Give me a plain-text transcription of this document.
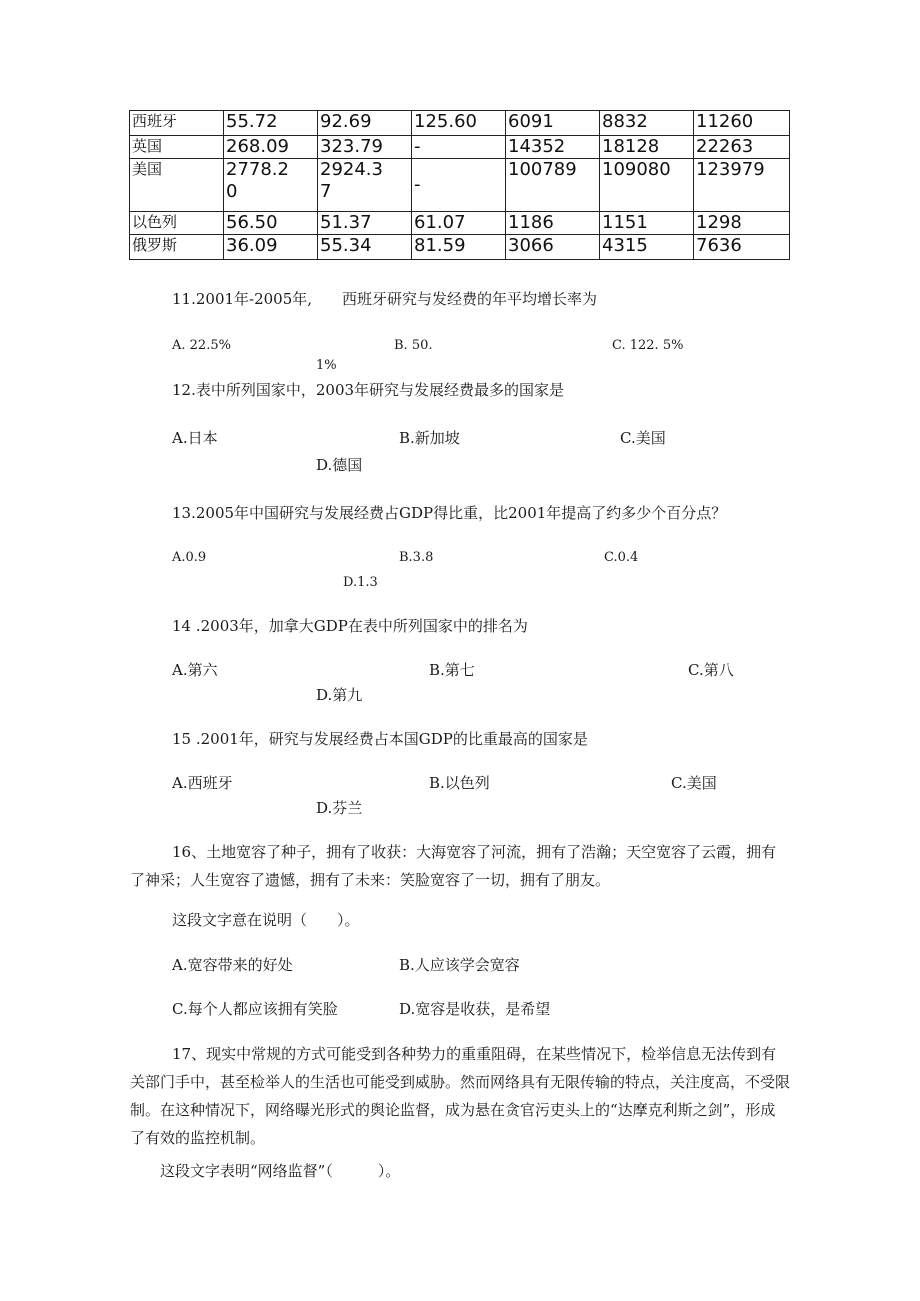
西班牙	55.72	92.69	125.60	6091	8832	11260
英国	268.09	323.79	-	14352	18128	22263
美国	2778.20	2924.37	-	100789	109080	123979
以色列	56.50	51.37	61.07	1186	1151	1298
俄罗斯	36.09	55.34	81.59	3066	4315	7636
11.2001年-2005年,　　西班牙研究与发经费的年平均增长率为
A. 22.5%	B. 50.
1%
C. 122. 5%
12.表中所列国家中，2003年研究与发展经费最多的国家是
A.日本	B.新加坡	C.美国
D.德国
13.2005年中国研究与发展经费占GDP得比重，比2001年提高了约多少个百分点？
A.0.9	B.3.8	C.0.4
D.1.3
14 .2003年，加拿大GDP在表中所列国家中的排名为
A.第六	B.第七	C.第八
D.第九
15 .2001年，研究与发展经费占本国GDP的比重最高的国家是
A.西班牙	B.以色列	C.美国
D.芬兰
16、土地宽容了种子，拥有了收获：大海宽容了河流，拥有了浩瀚；天空宽容了云霞，拥有了神采；人生宽容了遗憾，拥有了未来：笑脸宽容了一切，拥有了朋友。
这段文字意在说明（　　）。
A.宽容带来的好处	B.人应该学会宽容
C.每个人都应该拥有笑脸	D.宽容是收获，是希望
17、现实中常规的方式可能受到各种势力的重重阻碍，在某些情况下，检举信息无法传到有关部门手中，甚至检举人的生活也可能受到威胁。然而网络具有无限传输的特点，关注度高，不受限制。在这种情况下，网络曝光形式的舆论监督，成为悬在贪官污吏头上的“达摩克利斯之剑”，形成了有效的监控机制。
这段文字表明“网络监督”（　　　）。
